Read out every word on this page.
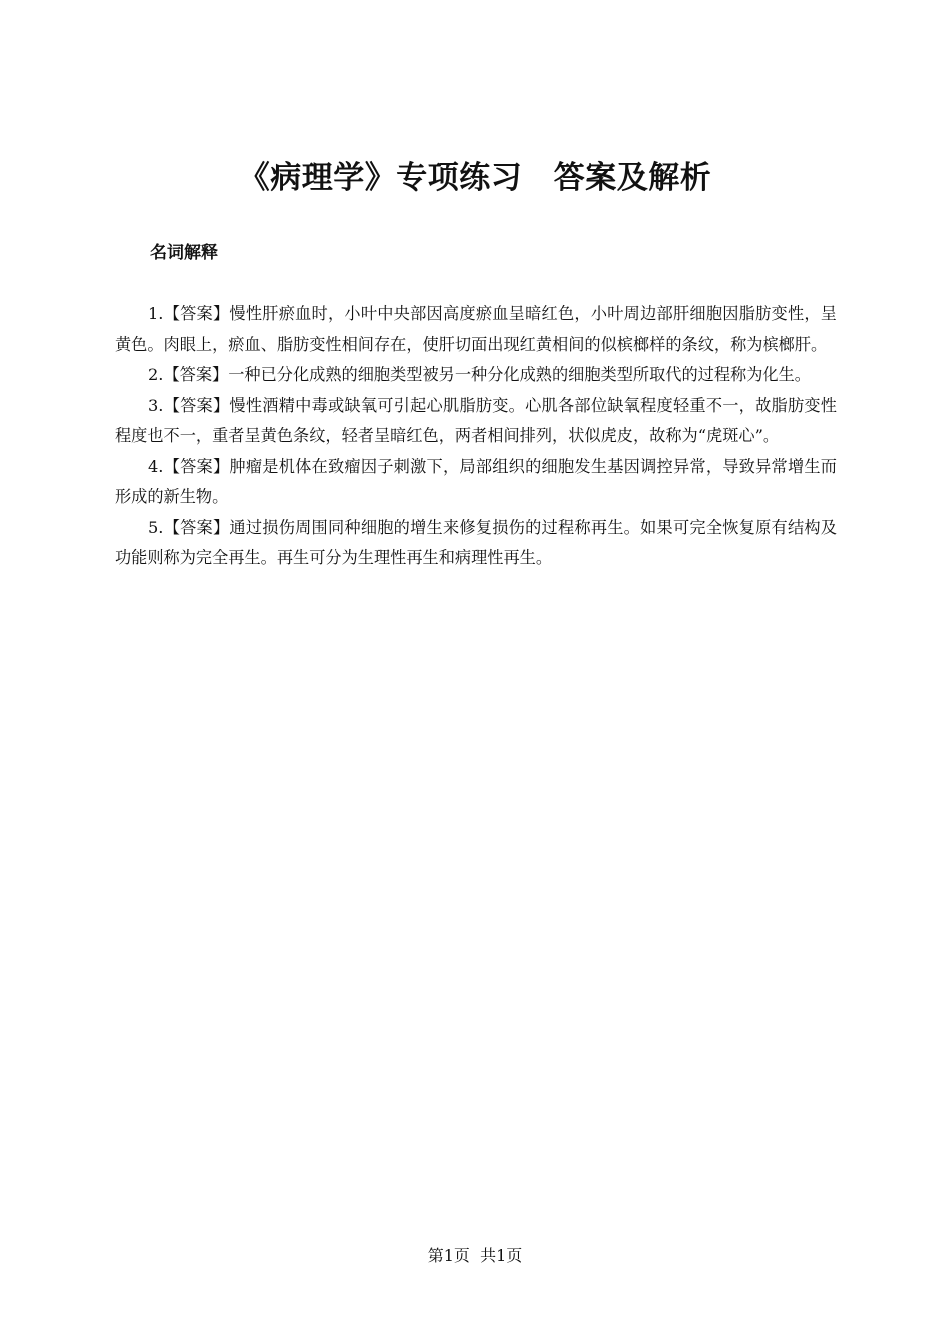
《病理学》专项练习　答案及解析
名词解释
1.【答案】慢性肝瘀血时，小叶中央部因高度瘀血呈暗红色，小叶周边部肝细胞因脂肪变性，呈黄色。肉眼上，瘀血、脂肪变性相间存在，使肝切面出现红黄相间的似槟榔样的条纹，称为槟榔肝。
2.【答案】一种已分化成熟的细胞类型被另一种分化成熟的细胞类型所取代的过程称为化生。
3.【答案】慢性酒精中毒或缺氧可引起心肌脂肪变。心肌各部位缺氧程度轻重不一，故脂肪变性程度也不一，重者呈黄色条纹，轻者呈暗红色，两者相间排列，状似虎皮，故称为“虎斑心”。
4.【答案】肿瘤是机体在致瘤因子刺激下，局部组织的细胞发生基因调控异常，导致异常增生而形成的新生物。
5.【答案】通过损伤周围同种细胞的增生来修复损伤的过程称再生。如果可完全恢复原有结构及功能则称为完全再生。再生可分为生理性再生和病理性再生。
第1页 共1页
